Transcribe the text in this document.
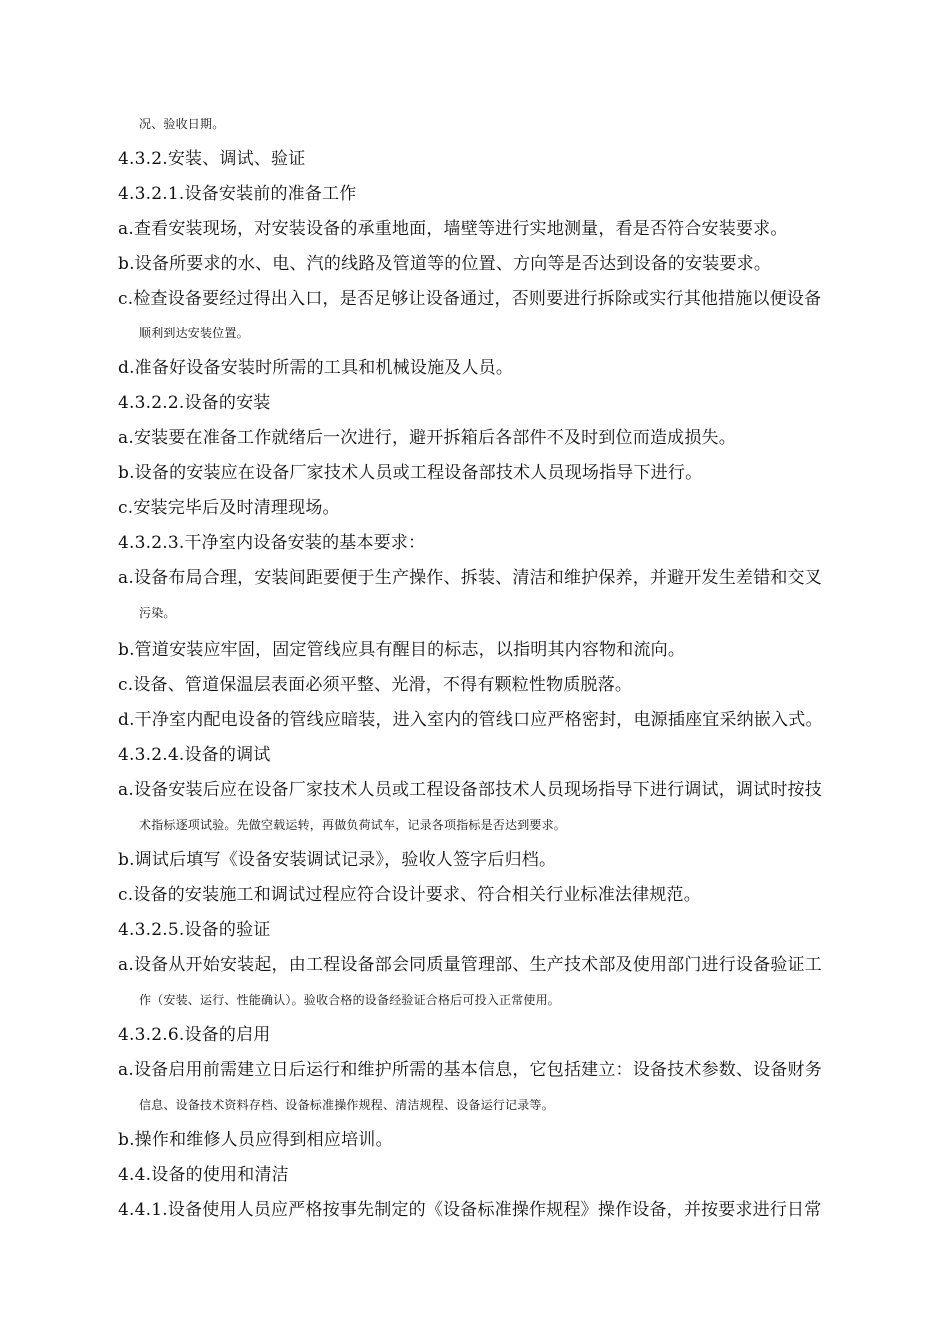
况、验收日期。
4.3.2.安装、调试、验证
4.3.2.1.设备安装前的准备工作
a.查看安装现场，对安装设备的承重地面，墙壁等进行实地测量，看是否符合安装要求。
b.设备所要求的水、电、汽的线路及管道等的位置、方向等是否达到设备的安装要求。
c.检查设备要经过得出入口，是否足够让设备通过，否则要进行拆除或实行其他措施以便设备
顺利到达安装位置。
d.准备好设备安装时所需的工具和机械设施及人员。
4.3.2.2.设备的安装
a.安装要在准备工作就绪后一次进行，避开拆箱后各部件不及时到位而造成损失。
b.设备的安装应在设备厂家技术人员或工程设备部技术人员现场指导下进行。
c.安装完毕后及时清理现场。
4.3.2.3.干净室内设备安装的基本要求：
a.设备布局合理，安装间距要便于生产操作、拆装、清洁和维护保养，并避开发生差错和交叉
污染。
b.管道安装应牢固，固定管线应具有醒目的标志，以指明其内容物和流向。
c.设备、管道保温层表面必须平整、光滑，不得有颗粒性物质脱落。
d.干净室内配电设备的管线应暗装，进入室内的管线口应严格密封，电源插座宜采纳嵌入式。
4.3.2.4.设备的调试
a.设备安装后应在设备厂家技术人员或工程设备部技术人员现场指导下进行调试，调试时按技
术指标逐项试验。先做空载运转，再做负荷试车，记录各项指标是否达到要求。
b.调试后填写《设备安装调试记录》，验收人签字后归档。
c.设备的安装施工和调试过程应符合设计要求、符合相关行业标准法律规范。
4.3.2.5.设备的验证
a.设备从开始安装起，由工程设备部会同质量管理部、生产技术部及使用部门进行设备验证工
作（安装、运行、性能确认）。验收合格的设备经验证合格后可投入正常使用。
4.3.2.6.设备的启用
a.设备启用前需建立日后运行和维护所需的基本信息，它包括建立：设备技术参数、设备财务
信息、设备技术资料存档、设备标准操作规程、清洁规程、设备运行记录等。
b.操作和维修人员应得到相应培训。
4.4.设备的使用和清洁
4.4.1.设备使用人员应严格按事先制定的《设备标准操作规程》操作设备，并按要求进行日常
